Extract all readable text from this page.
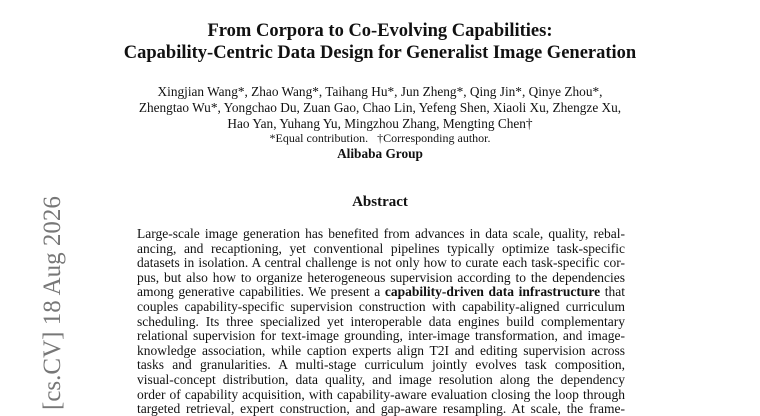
From Corpora to Co-Evolving Capabilities:
Capability-Centric Data Design for Generalist Image Generation
Xingjian Wang*, Zhao Wang*, Taihang Hu*, Jun Zheng*, Qing Jin*, Qinye Zhou*,
Zhengtao Wu*, Yongchao Du, Zuan Gao, Chao Lin, Yefeng Shen, Xiaoli Xu, Zhengze Xu,
Hao Yan, Yuhang Yu, Mingzhou Zhang, Mengting Chen†
*Equal contribution.   †Corresponding author.
Alibaba Group
Abstract

Large-scale image generation has benefited from advances in data scale, quality, rebal-

ancing, and recaptioning, yet conventional pipelines typically optimize task-specific

datasets in isolation. A central challenge is not only how to curate each task-specific cor-

pus, but also how to organize heterogeneous supervision according to the dependencies

among generative capabilities. We present a capability-driven data infrastructure that

couples capability-specific supervision construction with capability-aligned curriculum

scheduling. Its three specialized yet interoperable data engines build complementary

relational supervision for text-image grounding, inter-image transformation, and image-

knowledge association, while caption experts align T2I and editing supervision across

tasks and granularities. A multi-stage curriculum jointly evolves task composition,

visual-concept distribution, data quality, and image resolution along the dependency

order of capability acquisition, with capability-aware evaluation closing the loop through

targeted retrieval, expert construction, and gap-aware resampling. At scale, the frame-

[cs.CV] 18 Aug 2026
